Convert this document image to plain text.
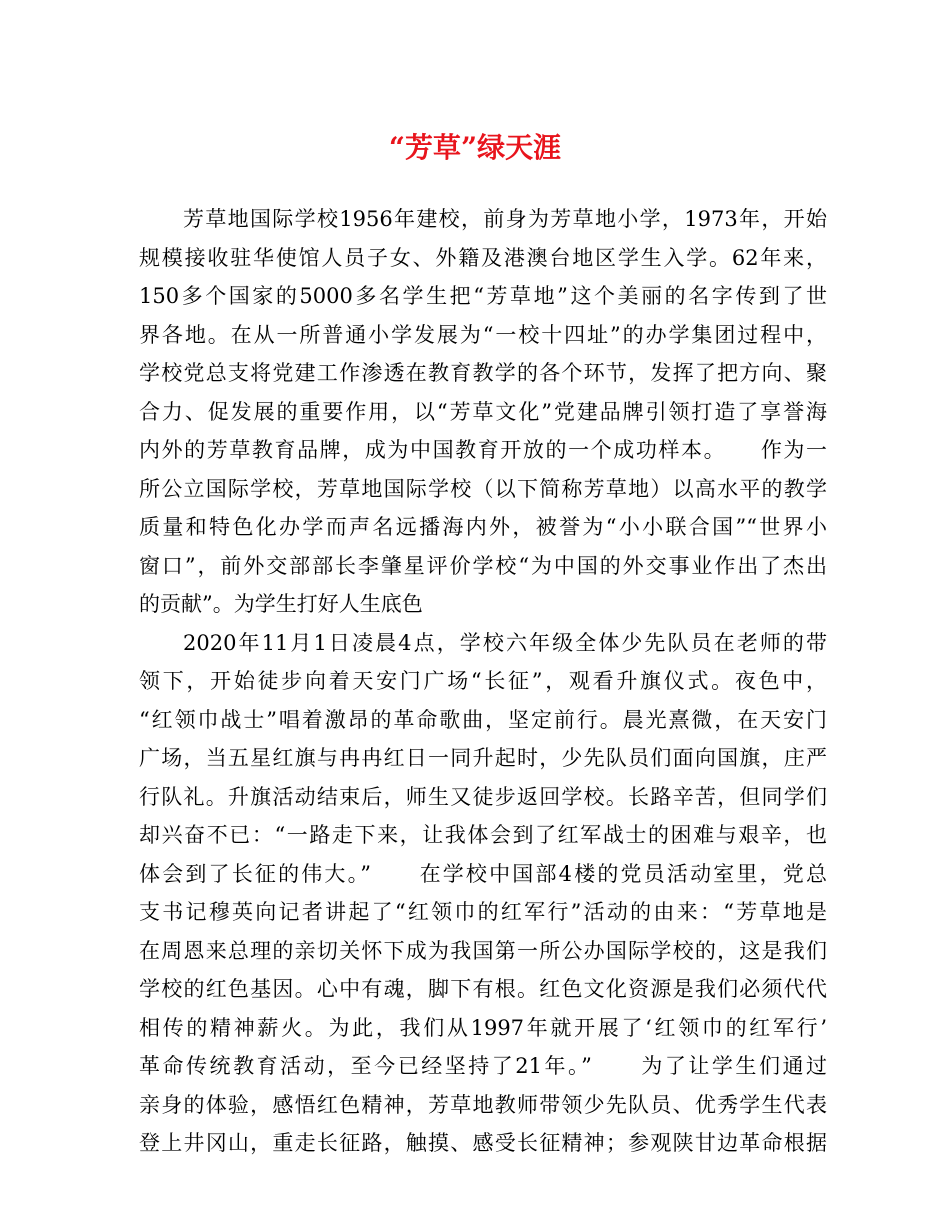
“芳草”绿天涯
芳草地国际学校1956年建校，前身为芳草地小学，1973年，开始
规模接收驻华使馆人员子女、外籍及港澳台地区学生入学。62年来，
150多个国家的5000多名学生把“芳草地”这个美丽的名字传到了世
界各地。在从一所普通小学发展为“一校十四址”的办学集团过程中，
学校党总支将党建工作渗透在教育教学的各个环节，发挥了把方向、聚
合力、促发展的重要作用，以“芳草文化”党建品牌引领打造了享誉海
内外的芳草教育品牌，成为中国教育开放的一个成功样本。　　作为一
所公立国际学校，芳草地国际学校（以下简称芳草地）以高水平的教学
质量和特色化办学而声名远播海内外，被誉为“小小联合国”“世界小
窗口”，前外交部部长李肇星评价学校“为中国的外交事业作出了杰出
的贡献”。为学生打好人生底色
2020年11月1日凌晨4点，学校六年级全体少先队员在老师的带
领下，开始徒步向着天安门广场“长征”，观看升旗仪式。夜色中，
“红领巾战士”唱着激昂的革命歌曲，坚定前行。晨光熹微，在天安门
广场，当五星红旗与冉冉红日一同升起时，少先队员们面向国旗，庄严
行队礼。升旗活动结束后，师生又徒步返回学校。长路辛苦，但同学们
却兴奋不已：“一路走下来，让我体会到了红军战士的困难与艰辛，也
体会到了长征的伟大。”　　在学校中国部4楼的党员活动室里，党总
支书记穆英向记者讲起了“红领巾的红军行”活动的由来：“芳草地是
在周恩来总理的亲切关怀下成为我国第一所公办国际学校的，这是我们
学校的红色基因。心中有魂，脚下有根。红色文化资源是我们必须代代
相传的精神薪火。为此，我们从1997年就开展了‘红领巾的红军行’
革命传统教育活动，至今已经坚持了21年。”　　为了让学生们通过
亲身的体验，感悟红色精神，芳草地教师带领少先队员、优秀学生代表
登上井冈山，重走长征路，触摸、感受长征精神；参观陕甘边革命根据
